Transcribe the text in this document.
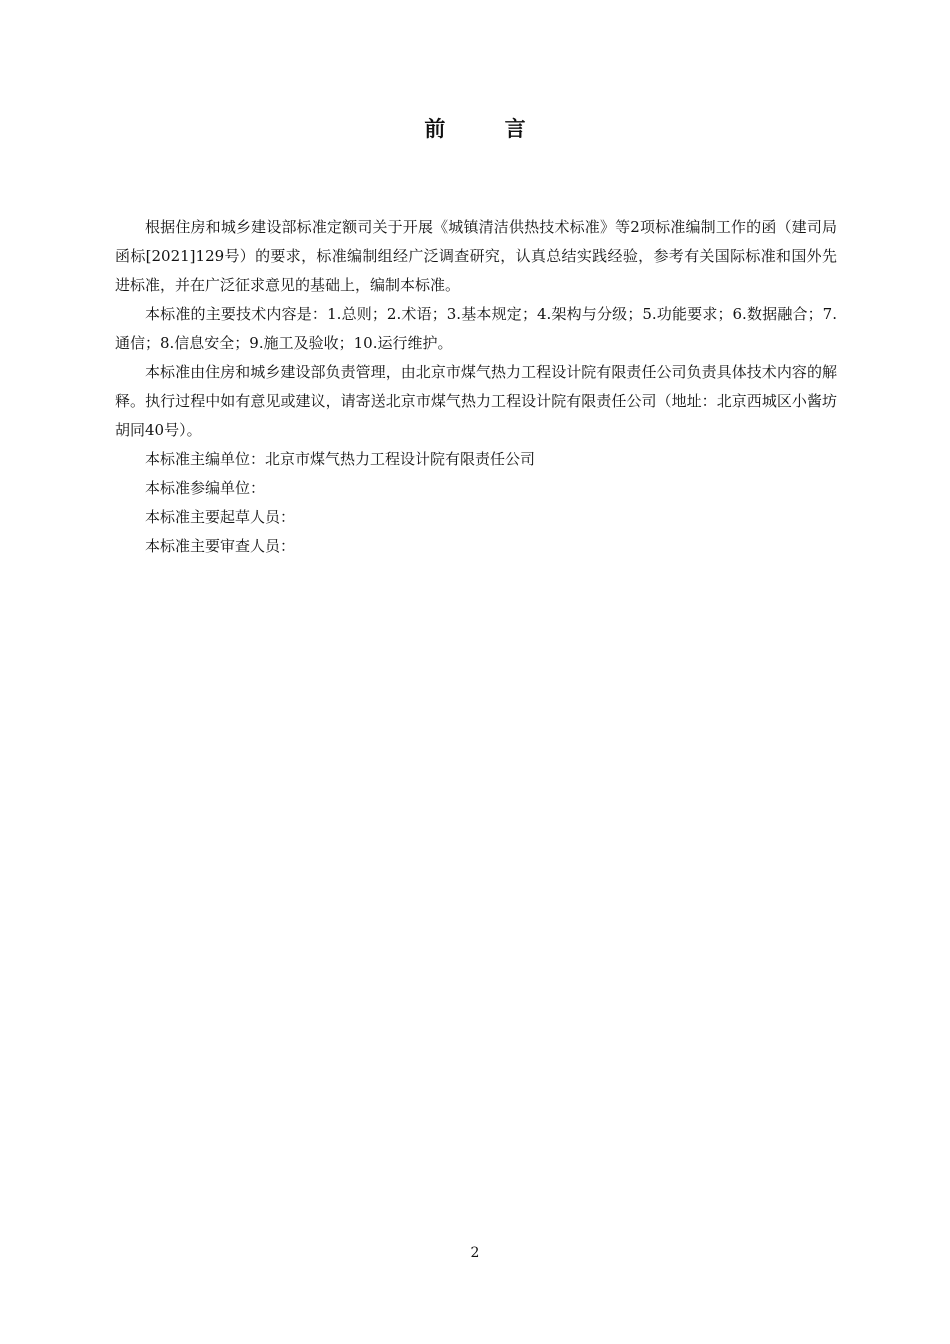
前 言

根据住房和城乡建设部标准定额司关于开展《城镇清洁供热技术标准》等2项标准编制工作的函（建司局函标[2021]129号）的要求，标准编制组经广泛调查研究，认真总结实践经验，参考有关国际标准和国外先进标准，并在广泛征求意见的基础上，编制本标准。

本标准的主要技术内容是：1.总则；2.术语；3.基本规定；4.架构与分级；5.功能要求；6.数据融合；7.通信；8.信息安全；9.施工及验收；10.运行维护。

本标准由住房和城乡建设部负责管理，由北京市煤气热力工程设计院有限责任公司负责具体技术内容的解释。执行过程中如有意见或建议，请寄送北京市煤气热力工程设计院有限责任公司（地址：北京西城区小酱坊胡同40号）。

本标准主编单位：北京市煤气热力工程设计院有限责任公司

本标准参编单位：

本标准主要起草人员：

本标准主要审查人员：

2
